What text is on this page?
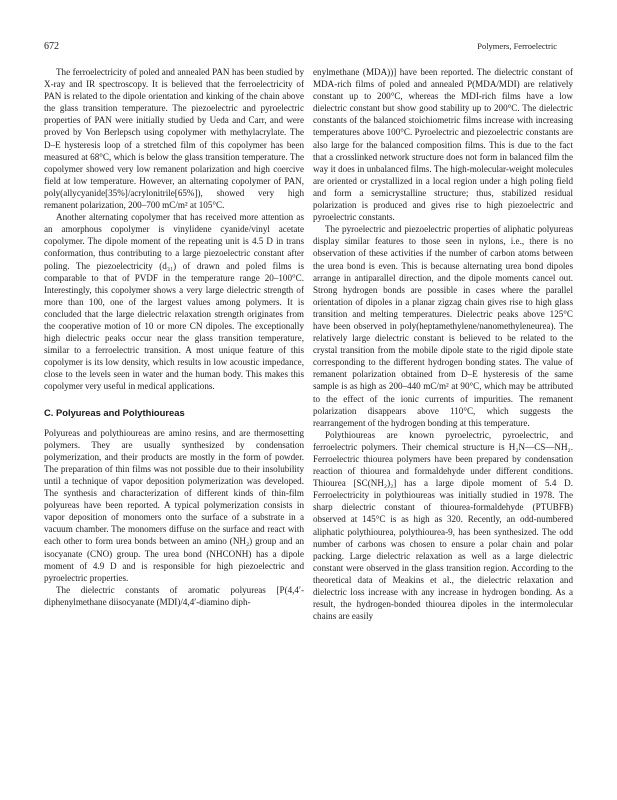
672	Polymers, Ferroelectric

The ferroelectricity of poled and annealed PAN has been studied by X-ray and IR spectroscopy. It is believed that the ferroelectricity of PAN is related to the dipole orientation and kinking of the chain above the glass transition temperature. The piezoelectric and pyroelectric properties of PAN were initially studied by Ueda and Carr, and were proved by Von Berlepsch using copolymer with methylacrylate. The D–E hysteresis loop of a stretched film of this copolymer has been measured at 68°C, which is below the glass transition temperature. The copolymer showed very low remanent polarization and high coercive field at low temperature. However, an alternating copolymer of PAN, poly(allycyanide[35%]/acrylonitrile[65%]), showed very high remanent polarization, 200–700 mC/m² at 105°C.

Another alternating copolymer that has received more attention as an amorphous copolymer is vinylidene cyanide/vinyl acetate copolymer. The dipole moment of the repeating unit is 4.5 D in trans conformation, thus contributing to a large piezoelectric constant after poling. The piezoelectricity (d₃₁) of drawn and poled films is comparable to that of PVDF in the temperature range 20–100°C. Interestingly, this copolymer shows a very large dielectric strength of more than 100, one of the largest values among polymers. It is concluded that the large dielectric relaxation strength originates from the cooperative motion of 10 or more CN dipoles. The exceptionally high dielectric peaks occur near the glass transition temperature, similar to a ferroelectric transition. A most unique feature of this copolymer is its low density, which results in low acoustic impedance, close to the levels seen in water and the human body. This makes this copolymer very useful in medical applications.

C. Polyureas and Polythioureas

Polyureas and polythioureas are amino resins, and are thermosetting polymers. They are usually synthesized by condensation polymerization, and their products are mostly in the form of powder. The preparation of thin films was not possible due to their insolubility until a technique of vapor deposition polymerization was developed. The synthesis and characterization of different kinds of thin-film polyureas have been reported. A typical polymerization consists in vapor deposition of monomers onto the surface of a substrate in a vacuum chamber. The monomers diffuse on the surface and react with each other to form urea bonds between an amino (NH₂) group and an isocyanate (CNO) group. The urea bond (NHCONH) has a dipole moment of 4.9 D and is responsible for high piezoelectric and pyroelectric properties.

The dielectric constants of aromatic polyureas [P(4,4′-diphenylmethane diisocyanate (MDI)/4,4′-diamino diph-

enylmethane (MDA))] have been reported. The dielectric constant of MDA-rich films of poled and annealed P(MDA/MDI) are relatively constant up to 200°C, whereas the MDI-rich films have a low dielectric constant but show good stability up to 200°C. The dielectric constants of the balanced stoichiometric films increase with increasing temperatures above 100°C. Pyroelectric and piezoelectric constants are also large for the balanced composition films. This is due to the fact that a crosslinked network structure does not form in balanced film the way it does in unbalanced films. The high-molecular-weight molecules are oriented or crystallized in a local region under a high poling field and form a semicrystalline structure; thus, stabilized residual polarization is produced and gives rise to high piezoelectric and pyroelectric constants.

The pyroelectric and piezoelectric properties of aliphatic polyureas display similar features to those seen in nylons, i.e., there is no observation of these activities if the number of carbon atoms between the urea bond is even. This is because alternating urea bond dipoles arrange in antiparallel direction, and the dipole moments cancel out. Strong hydrogen bonds are possible in cases where the parallel orientation of dipoles in a planar zigzag chain gives rise to high glass transition and melting temperatures. Dielectric peaks above 125°C have been observed in poly(heptamethylene/nanomethyleneurea). The relatively large dielectric constant is believed to be related to the crystal transition from the mobile dipole state to the rigid dipole state corresponding to the different hydrogen bonding states. The value of remanent polarization obtained from D–E hysteresis of the same sample is as high as 200–440 mC/m² at 90°C, which may be attributed to the effect of the ionic currents of impurities. The remanent polarization disappears above 110°C, which suggests the rearrangement of the hydrogen bonding at this temperature.

Polythioureas are known pyroelectric, pyroelectric, and ferroelectric polymers. Their chemical structure is H₂N—CS—NH₂. Ferroelectric thiourea polymers have been prepared by condensation reaction of thiourea and formaldehyde under different conditions. Thiourea [SC(NH₂)₂] has a large dipole moment of 5.4 D. Ferroelectricity in polythioureas was initially studied in 1978. The sharp dielectric constant of thiourea-formaldehyde (PTUBFB) observed at 145°C is as high as 320. Recently, an odd-numbered aliphatic polythiourea, polythiourea-9, has been synthesized. The odd number of carbons was chosen to ensure a polar chain and polar packing. Large dielectric relaxation as well as a large dielectric constant were observed in the glass transition region. According to the theoretical data of Meakins et al., the dielectric relaxation and dielectric loss increase with any increase in hydrogen bonding. As a result, the hydrogen-bonded thiourea dipoles in the intermolecular chains are easily
